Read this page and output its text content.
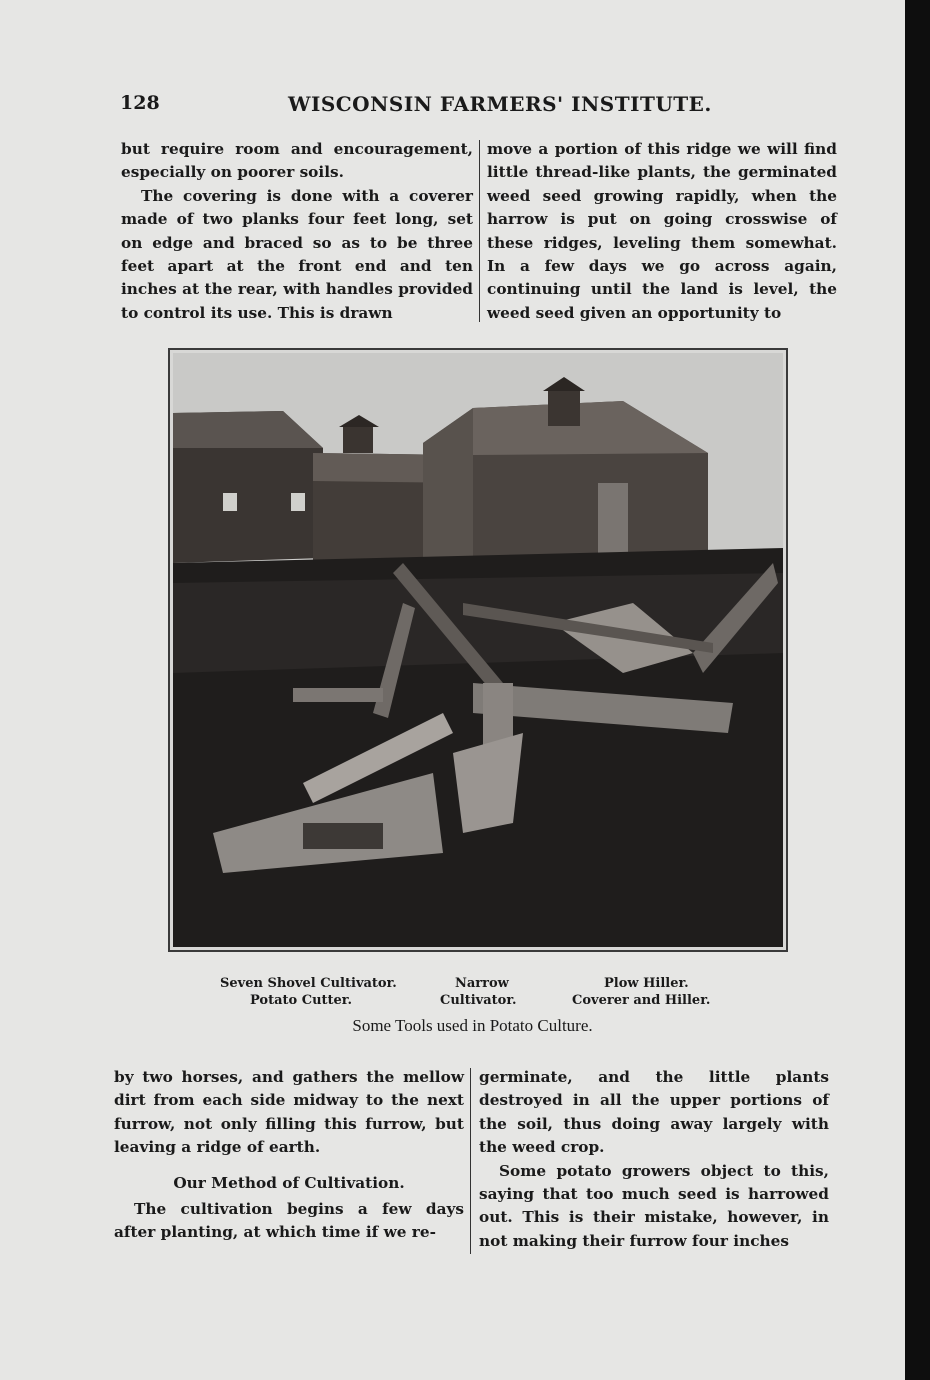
128	WISCONSIN FARMERS' INSTITUTE.

but require room and encouragement, especially on poorer soils.

The covering is done with a coverer made of two planks four feet long, set on edge and braced so as to be three feet apart at the front end and ten inches at the rear, with handles provided to control its use. This is drawn

move a portion of this ridge we will find little thread-like plants, the germinated weed seed growing rapidly, when the harrow is put on going crosswise of these ridges, leveling them somewhat. In a few days we go across again, continuing until the land is level, the weed seed given an opportunity to

Seven Shovel Cultivator.
Potato Cutter.
Narrow
Cultivator.
Plow Hiller.
Coverer and Hiller.
Some Tools used in Potato Culture.

by two horses, and gathers the mellow dirt from each side midway to the next furrow, not only filling this furrow, but leaving a ridge of earth.

Our Method of Cultivation.

The cultivation begins a few days after planting, at which time if we re-

germinate, and the little plants destroyed in all the upper portions of the soil, thus doing away largely with the weed crop.

Some potato growers object to this, saying that too much seed is harrowed out. This is their mistake, however, in not making their furrow four inches
